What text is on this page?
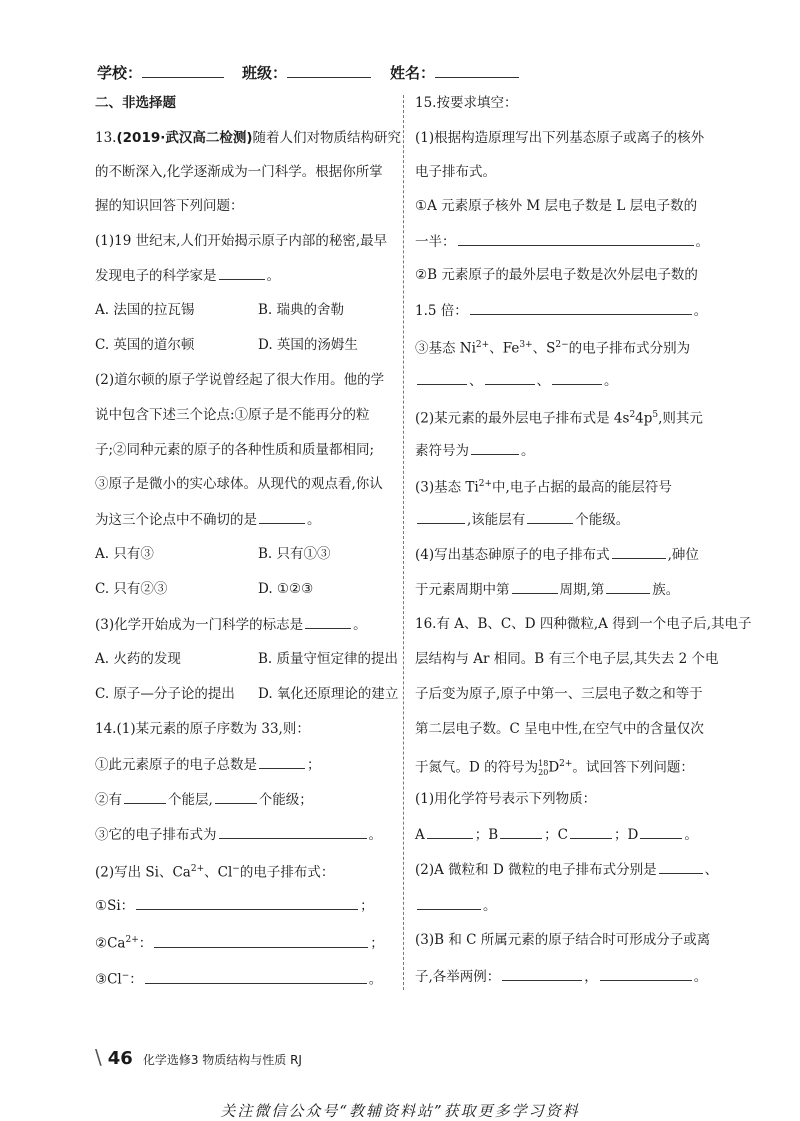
学校：	班级：	姓名：
二、非选择题
13.(2019·武汉高二检测)随着人们对物质结构研究
的不断深入,化学逐渐成为一门科学。根据你所掌
握的知识回答下列问题：
(1)19 世纪末,人们开始揭示原子内部的秘密,最早
发现电子的科学家是	。
A. 法国的拉瓦锡	B. 瑞典的舍勒
C. 英国的道尔顿	D. 英国的汤姆生
(2)道尔顿的原子学说曾经起了很大作用。他的学
说中包含下述三个论点:①原子是不能再分的粒
子;②同种元素的原子的各种性质和质量都相同;
③原子是微小的实心球体。从现代的观点看,你认
为这三个论点中不确切的是	。
A. 只有③	B. 只有①③
C. 只有②③	D. ①②③
(3)化学开始成为一门科学的标志是	。
A. 火药的发现	B. 质量守恒定律的提出
C. 原子—分子论的提出 D. 氧化还原理论的建立
14.(1)某元素的原子序数为 33,则：
①此元素原子的电子总数是	；
②有	个能层,	个能级；
③它的电子排布式为	。
(2)写出 Si、$Ca^{2+}$、Cl−的电子排布式：
①Si：	；
$②Ca^{2+}$：	；
③Cl−：	。
15.按要求填空：
(1)根据构造原理写出下列基态原子或离子的核外
电子排布式。
①A 元素原子核外 M 层电子数是 L 层电子数的
一半：	。
②B 元素原子的最外层电子数是次外层电子数的
1.5 倍：	。
③基态 $Ni^{2+}$、$Fe^{3+}$、$S^{2-}$的电子排布式分别为
、	、	。
(2)某元素的最外层电子排布式是 $4s^24p^5$,则其元
素符号为	。
(3)基态 $Ti^{2+}$中,电子占据的最高的能层符号
,该能层有	个能级。
(4)写出基态砷原子的电子排布式	,砷位
于元素周期中第	周期,第	族。
16.有 A、B、C、D 四种微粒,A 得到一个电子后,其电子
层结构与 Ar 相同。B 有三个电子层,其失去 2 个电
子后变为原子,原子中第一、三层电子数之和等于
第二层电子数。C 呈电中性,在空气中的含量仅次
于氮气。D 的符号为18
$20D^{2+}$。试回答下列问题：
(1)用化学符号表示下列物质：
A	；B	；C	；D	。
(2)A 微粒和 D 微粒的电子排布式分别是	、
。
(3)B 和 C 所属元素的原子结合时可形成分子或离
子,各举两例：	，	。
\ 46 化学选修3 物质结构与性质 RJ
关注微信公众号“教辅资料站”获取更多学习资料
